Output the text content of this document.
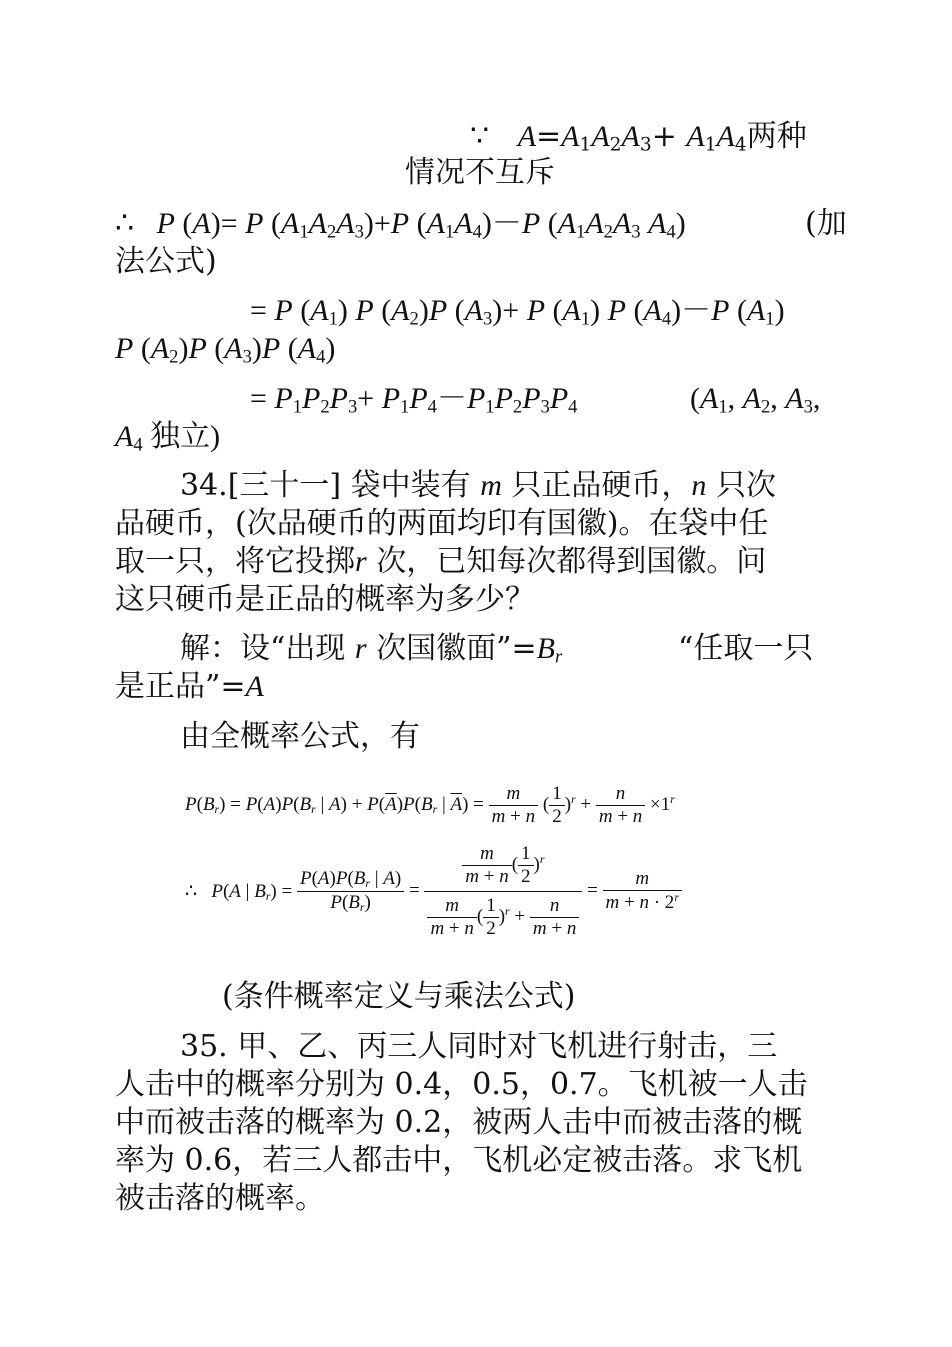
∵ $A=A_1A_2A_3+ A_1A_4$两种
情况不互斥
∴   P (A)= P $(A_1A_2A_3)+P$ $(A_1A_4)-P$ ($A_1A_2A_3$ $A_4$)	(加
法公式)
= P $(A_1)$ P $(A_2)P$ $(A_3)+ P$ $(A_1)$ P $(A_4)-P$ $(A_1)$
P $(A_2)P$ $(A_3)P$ $(A_4)$
= $P_1P_2P_3+ P_1P_4-P_1P_2P_3P_4$	($A_1$, $A_2$, $A_3$,
$A_4$ 独立)
34.[三十一] 袋中装有 m 只正品硬币，n 只次
品硬币，(次品硬币的两面均印有国徽)。在袋中任
取一只，将它投掷r 次，已知每次都得到国徽。问
这只硬币是正品的概率为多少？
解：设“出现 r 次国徽面$”=B_r$	“任取一只
是正品”=A
由全概率公式，有
$P(B_r) = P(A)P(B_r$ | $A) + P(\overline{A})P(B_r$ | $\overline{A}) = \frac{m}{m + n}$ ( $\frac{1}{2} )^r + \frac{n}{m + n} \times 1^r$
∴   P(A | $B_r) = \frac{P(A)P(B_r | A)}{P(B_r)} = \frac{\frac{m}{m + n} ( \frac{1}{2} )^r}{\frac{m}{m + n} ( \frac{1}{2} )^r + \frac{n}{m + n}} = \frac{m}{m + n \cdot 2^r}$
(条件概率定义与乘法公式)
35. 甲、乙、丙三人同时对飞机进行射击，三
人击中的概率分别为 0.4，0.5，0.7。飞机被一人击
中而被击落的概率为 0.2，被两人击中而被击落的概
率为 0.6，若三人都击中，飞机必定被击落。求飞机
被击落的概率。
